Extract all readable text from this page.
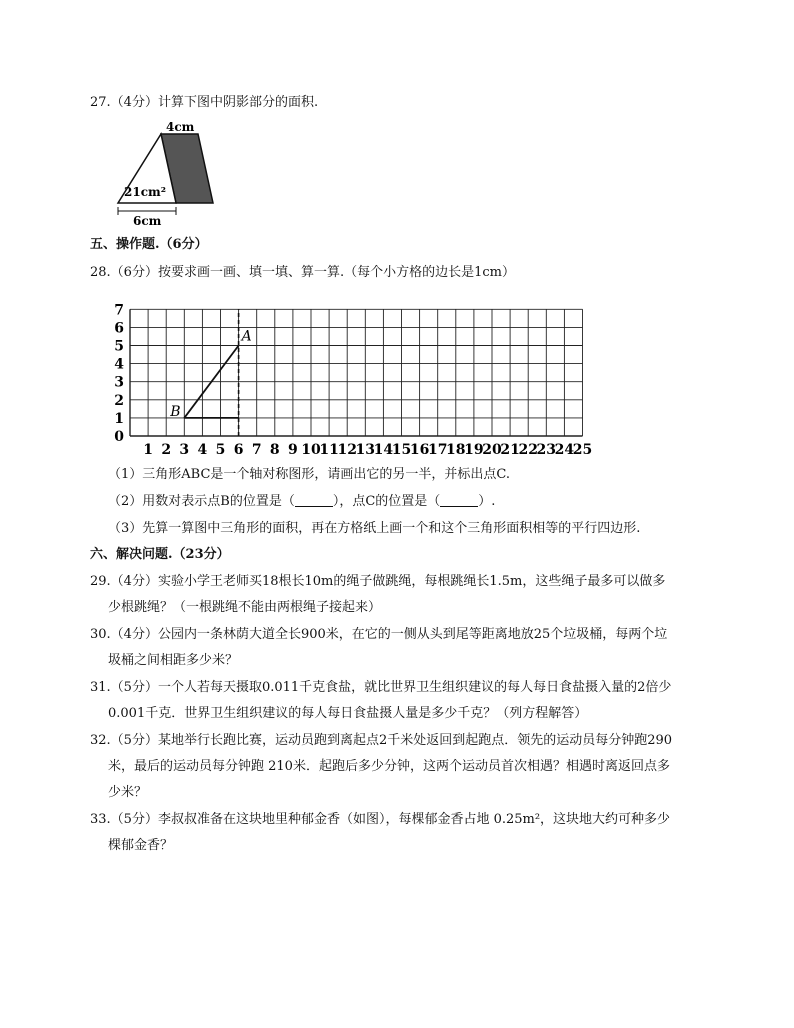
27.（4分）计算下图中阴影部分的面积.
4cm
21cm²
6cm
五、操作题.（6分）
28.（6分）按要求画一画、填一填、算一算.（每个小方格的边长是1cm）
0
1
2
3
4
5
6
7
1 2 3 4 5 6 7 8 9 10
11
12
13
14
15
16
17
18
19
20
21
22
23
24
25
A
B
（1）三角形ABC是一个轴对称图形，请画出它的另一半，并标出点C.
（2）用数对表示点B的位置是（	），点C的位置是（	）.
（3）先算一算图中三角形的面积，再在方格纸上画一个和这个三角形面积相等的平行四边形.
六、解决问题.（23分）
29.（4分）实验小学王老师买18根长10m的绳子做跳绳，每根跳绳长1.5m，这些绳子最多可以做多
少根跳绳？（一根跳绳不能由两根绳子接起来）
30.（4分）公园内一条林荫大道全长900米，在它的一侧从头到尾等距离地放25个垃圾桶，每两个垃
圾桶之间相距多少米？
31.（5分）一个人若每天摄取0.011千克食盐，就比世界卫生组织建议的每人每日食盐摄入量的2倍少
0.001千克．世界卫生组织建议的每人每日食盐摄人量是多少千克？（列方程解答）
32.（5分）某地举行长跑比赛，运动员跑到离起点2千米处返回到起跑点．领先的运动员每分钟跑290
米，最后的运动员每分钟跑 210米．起跑后多少分钟，这两个运动员首次相遇？相遇时离返回点多
少米？
33.（5分）李叔叔准备在这块地里种郁金香（如图），每棵郁金香占地 0.25m²，这块地大约可种多少
棵郁金香？
